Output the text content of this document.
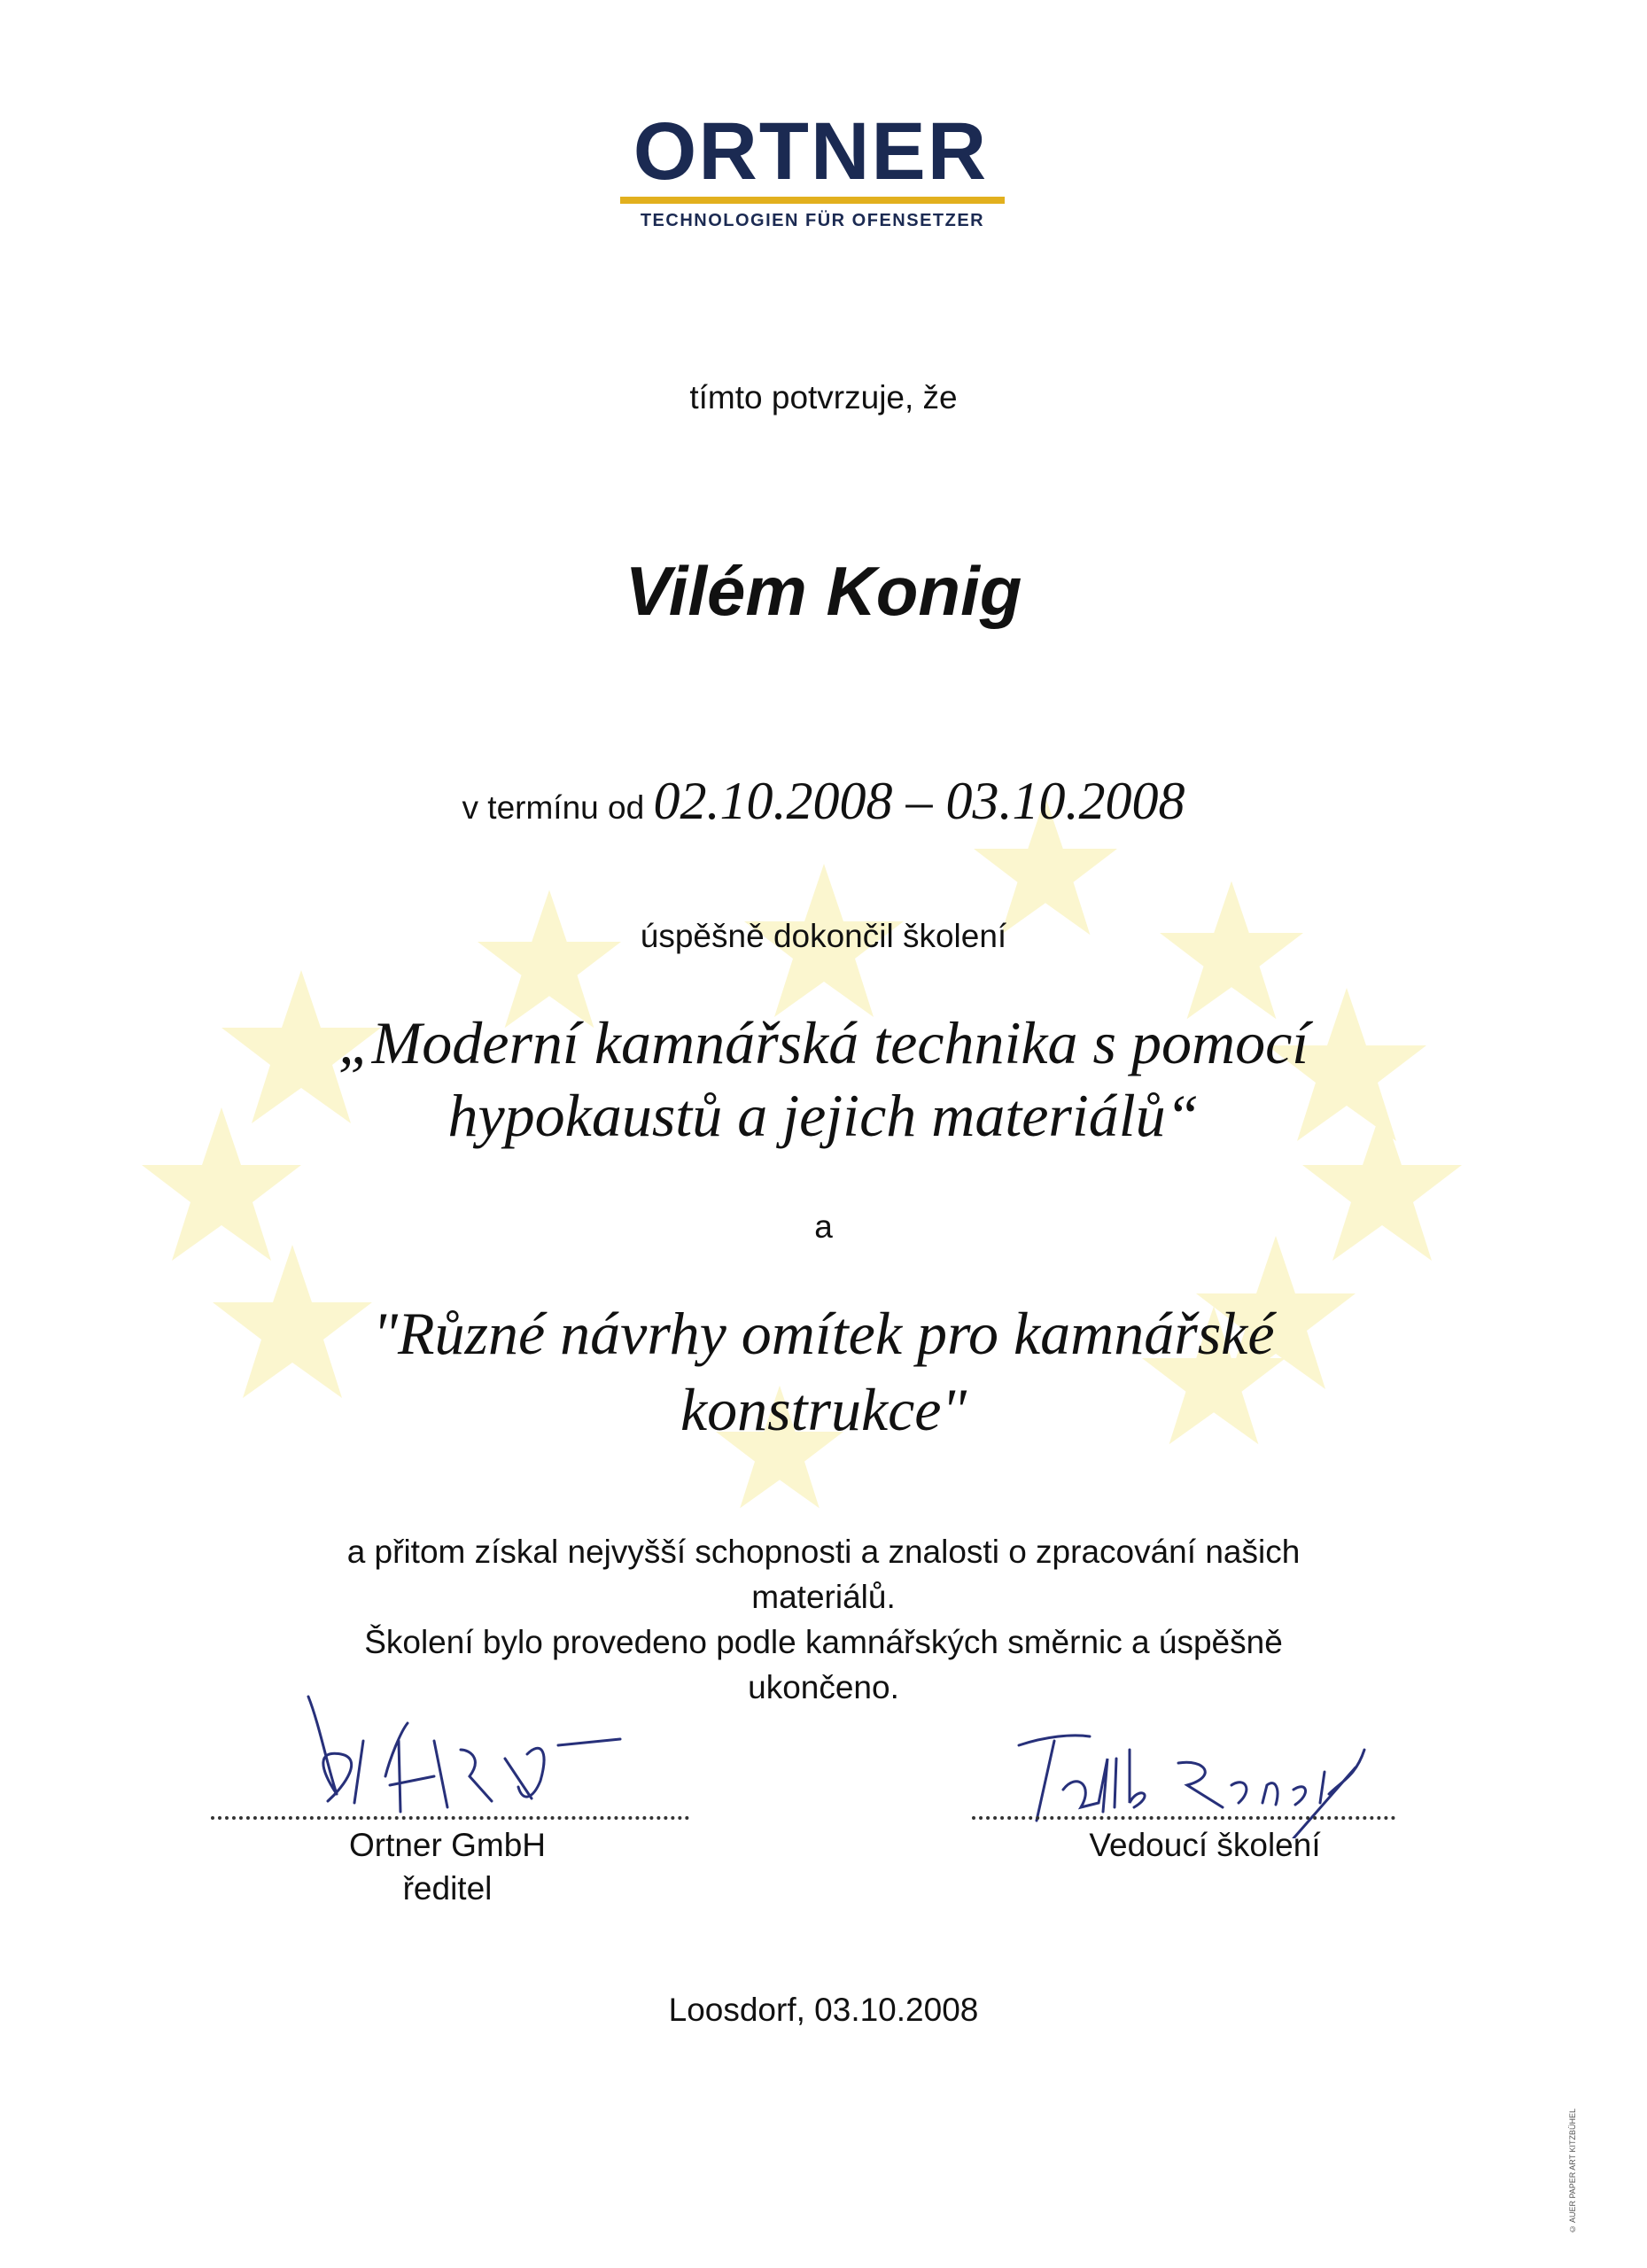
ORTNER
TECHNOLOGIEN FÜR OFENSETZER
tímto potvrzuje, že
Vilém Konig
v termínu od 02.10.2008 – 03.10.2008
úspěšně dokončil školení
„Moderní kamnářská technika s pomocí
hypokaustů a jejich materiálů“
a
"Různé návrhy omítek pro kamnářské
konstrukce"
a přitom získal nejvyšší schopnosti a znalosti o zpracování našich
materiálů.
Školení bylo provedeno podle kamnářských směrnic a úspěšně
ukončeno.
Ortner GmbH
ředitel
Vedoucí školení
Loosdorf, 03.10.2008
© AUER PAPER ART KITZBÜHEL
